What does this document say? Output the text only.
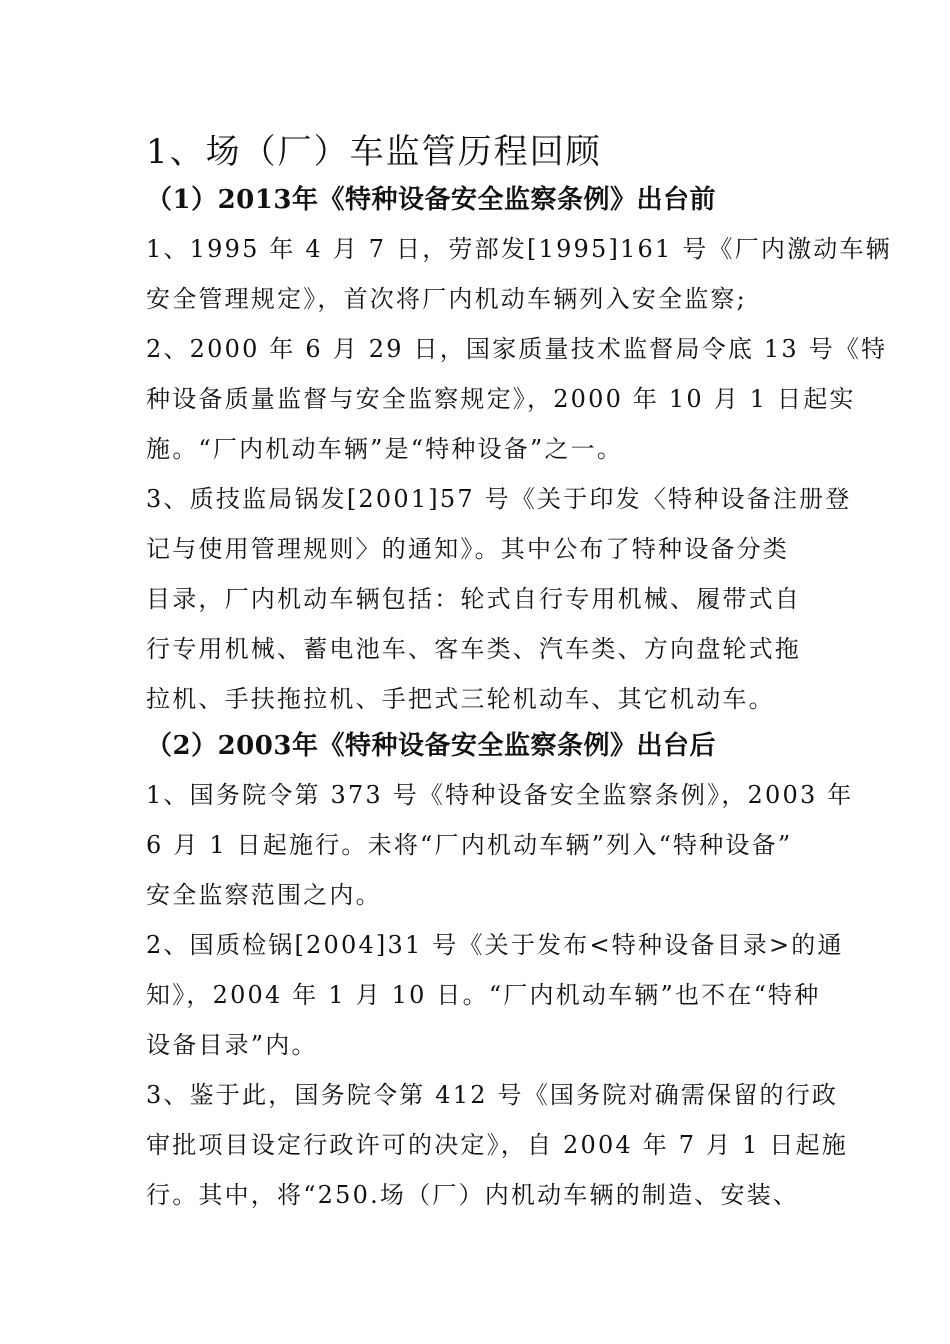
1、场（厂）车监管历程回顾
（1）2013年《特种设备安全监察条例》出台前

1、1995 年 4 月 7 日，劳部发[1995]161 号《厂内激动车辆
安全管理规定》，首次将厂内机动车辆列入安全监察;

2、2000 年 6 月 29 日，国家质量技术监督局令底 13 号《特
种设备质量监督与安全监察规定》，2000 年 10 月 1 日起实
施。“厂内机动车辆”是“特种设备”之一。

3、质技监局锅发[2001]57 号《关于印发〈特种设备注册登
记与使用管理规则〉的通知》。其中公布了特种设备分类
目录，厂内机动车辆包括：轮式自行专用机械、履带式自
行专用机械、蓄电池车、客车类、汽车类、方向盘轮式拖
拉机、手扶拖拉机、手把式三轮机动车、其它机动车。

（2）2003年《特种设备安全监察条例》出台后

1、国务院令第 373 号《特种设备安全监察条例》，2003 年
6 月 1 日起施行。未将“厂内机动车辆”列入“特种设备”
安全监察范围之内。

2、国质检锅[2004]31 号《关于发布<特种设备目录>的通
知》，2004 年 1 月 10 日。“厂内机动车辆”也不在“特种
设备目录”内。

3、鉴于此，国务院令第 412 号《国务院对确需保留的行政
审批项目设定行政许可的决定》，自 2004 年 7 月 1 日起施
行。其中，将“250.场（厂）内机动车辆的制造、安装、
